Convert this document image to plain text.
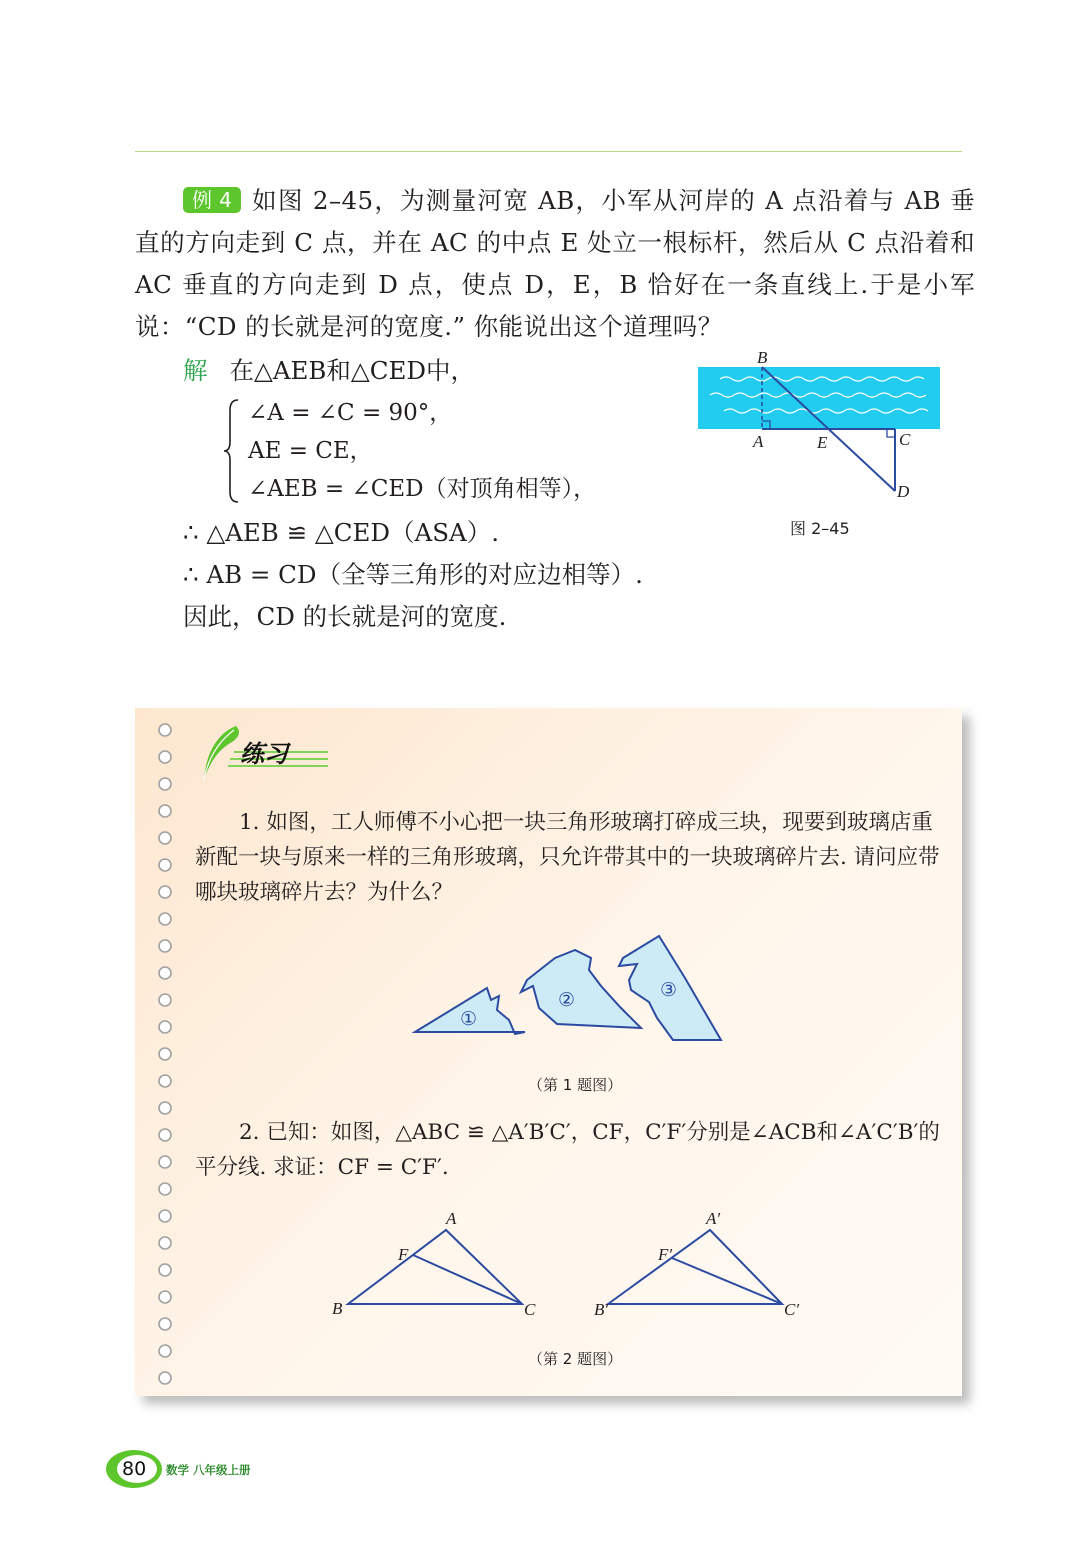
例 4 如图 2–45，为测量河宽 AB，小军从河岸的 A 点沿着与 AB 垂直的方向走到 C 点，并在 AC 的中点 E 处立一根标杆，然后从 C 点沿着和 AC 垂直的方向走到 D 点，使点 D，E，B 恰好在一条直线上.于是小军说：“CD 的长就是河的宽度.” 你能说出这个道理吗？
解 在△AEB和△CED中，
∠A = ∠C = 90°，
AE = CE，
∠AEB = ∠CED（对顶角相等），
∴ △AEB ≌ △CED（ASA）.
∴ AB = CD（全等三角形的对应边相等）.
因此，CD 的长就是河的宽度.
B
A	E	C
D
图 2–45
练习
1. 如图，工人师傅不小心把一块三角形玻璃打碎成三块，现要到玻璃店重新配一块与原来一样的三角形玻璃，只允许带其中的一块玻璃碎片去. 请问应带哪块玻璃碎片去？为什么？
①
②	③
（第 1 题图）
2. 已知：如图，△ABC ≌ △A′B′C′，CF，C′F′分别是∠ACB和∠A′C′B′的平分线. 求证：CF = C′F′.
A
B	C
F
A′
B′	C′
F′
（第 2 题图）
80 数学 八年级上册
